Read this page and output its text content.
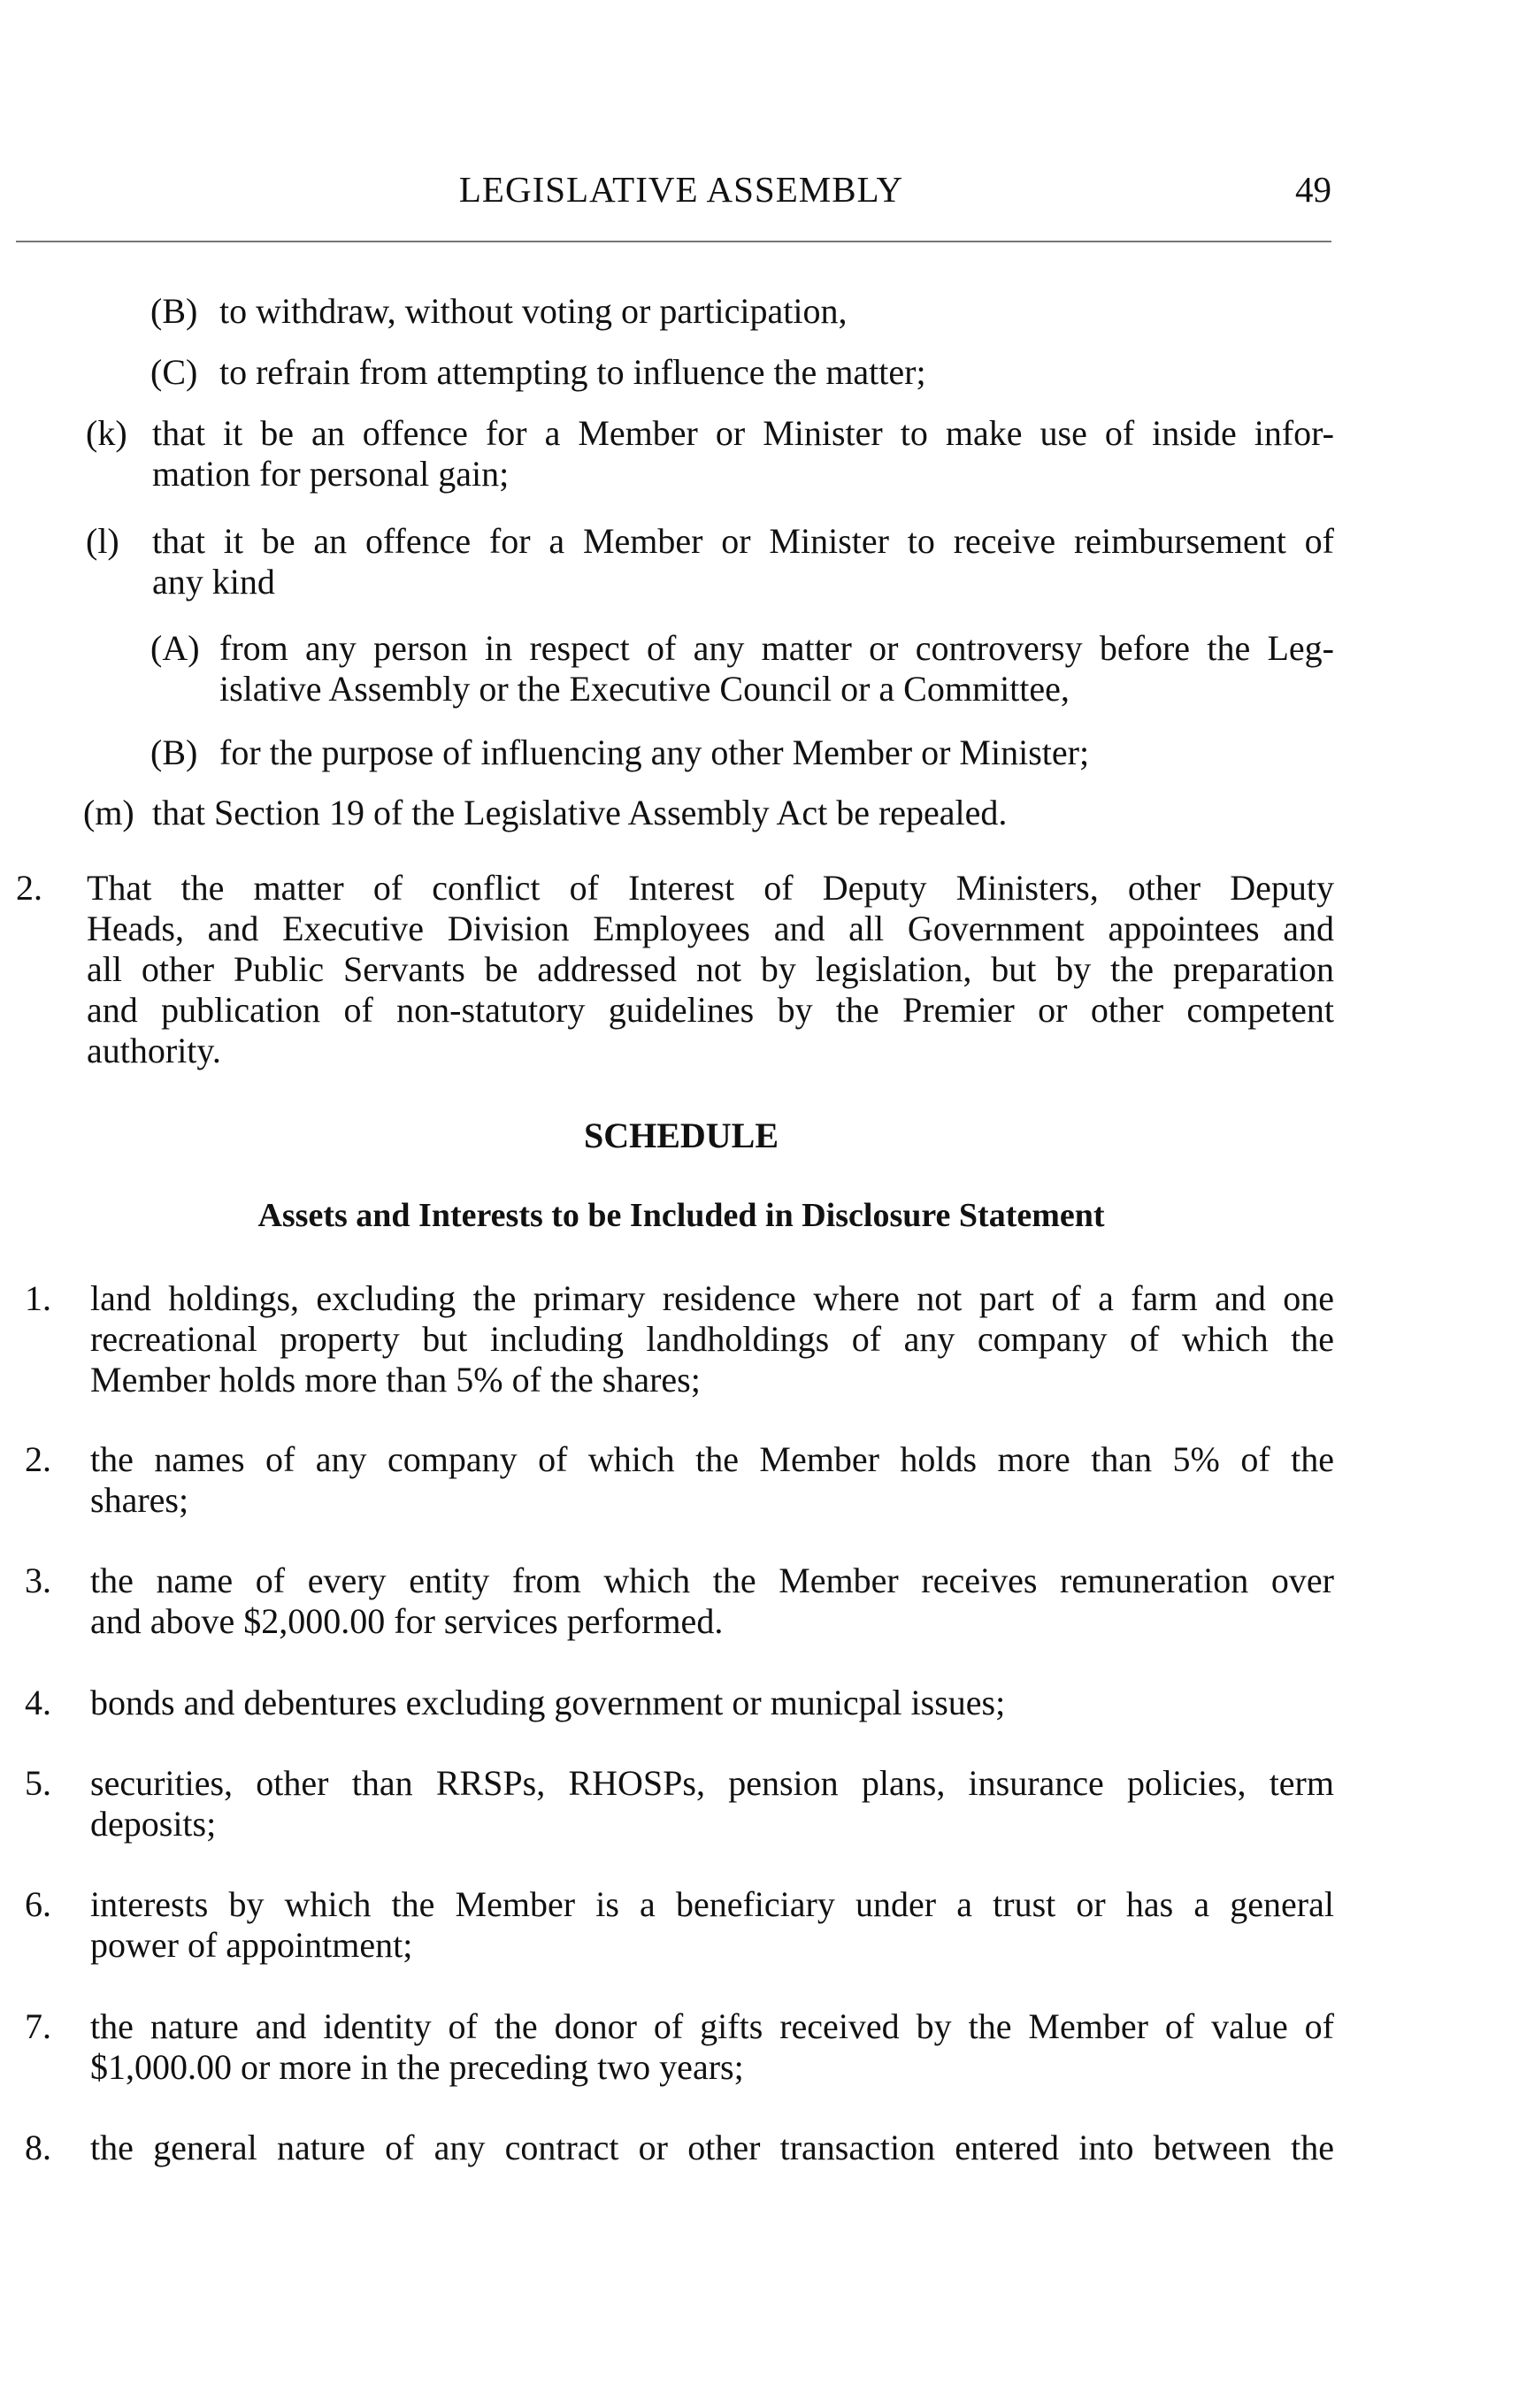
LEGISLATIVE ASSEMBLY	49
(B) to withdraw, without voting or participation,
(C) to refrain from attempting to influence the matter;
(k) that it be an offence for a Member or Minister to make use of inside infor-
mation for personal gain;
(l) that it be an offence for a Member or Minister to receive reimbursement of
any kind
(A) from any person in respect of any matter or controversy before the Leg-
islative Assembly or the Executive Council or a Committee,
(B) for the purpose of influencing any other Member or Minister;
(m) that Section 19 of the Legislative Assembly Act be repealed.
2. That the matter of conflict of Interest of Deputy Ministers, other Deputy
Heads, and Executive Division Employees and all Government appointees and
all other Public Servants be addressed not by legislation, but by the preparation
and publication of non-statutory guidelines by the Premier or other competent
authority.
SCHEDULE
Assets and Interests to be Included in Disclosure Statement
1. land holdings, excluding the primary residence where not part of a farm and one
recreational property but including landholdings of any company of which the
Member holds more than 5% of the shares;
2. the names of any company of which the Member holds more than 5% of the
shares;
3. the name of every entity from which the Member receives remuneration over
and above $2,000.00 for services performed.
4. bonds and debentures excluding government or municpal issues;
5. securities, other than RRSPs, RHOSPs, pension plans, insurance policies, term
deposits;
6. interests by which the Member is a beneficiary under a trust or has a general
power of appointment;
7. the nature and identity of the donor of gifts received by the Member of value of
$1,000.00 or more in the preceding two years;
8. the general nature of any contract or other transaction entered into between the
